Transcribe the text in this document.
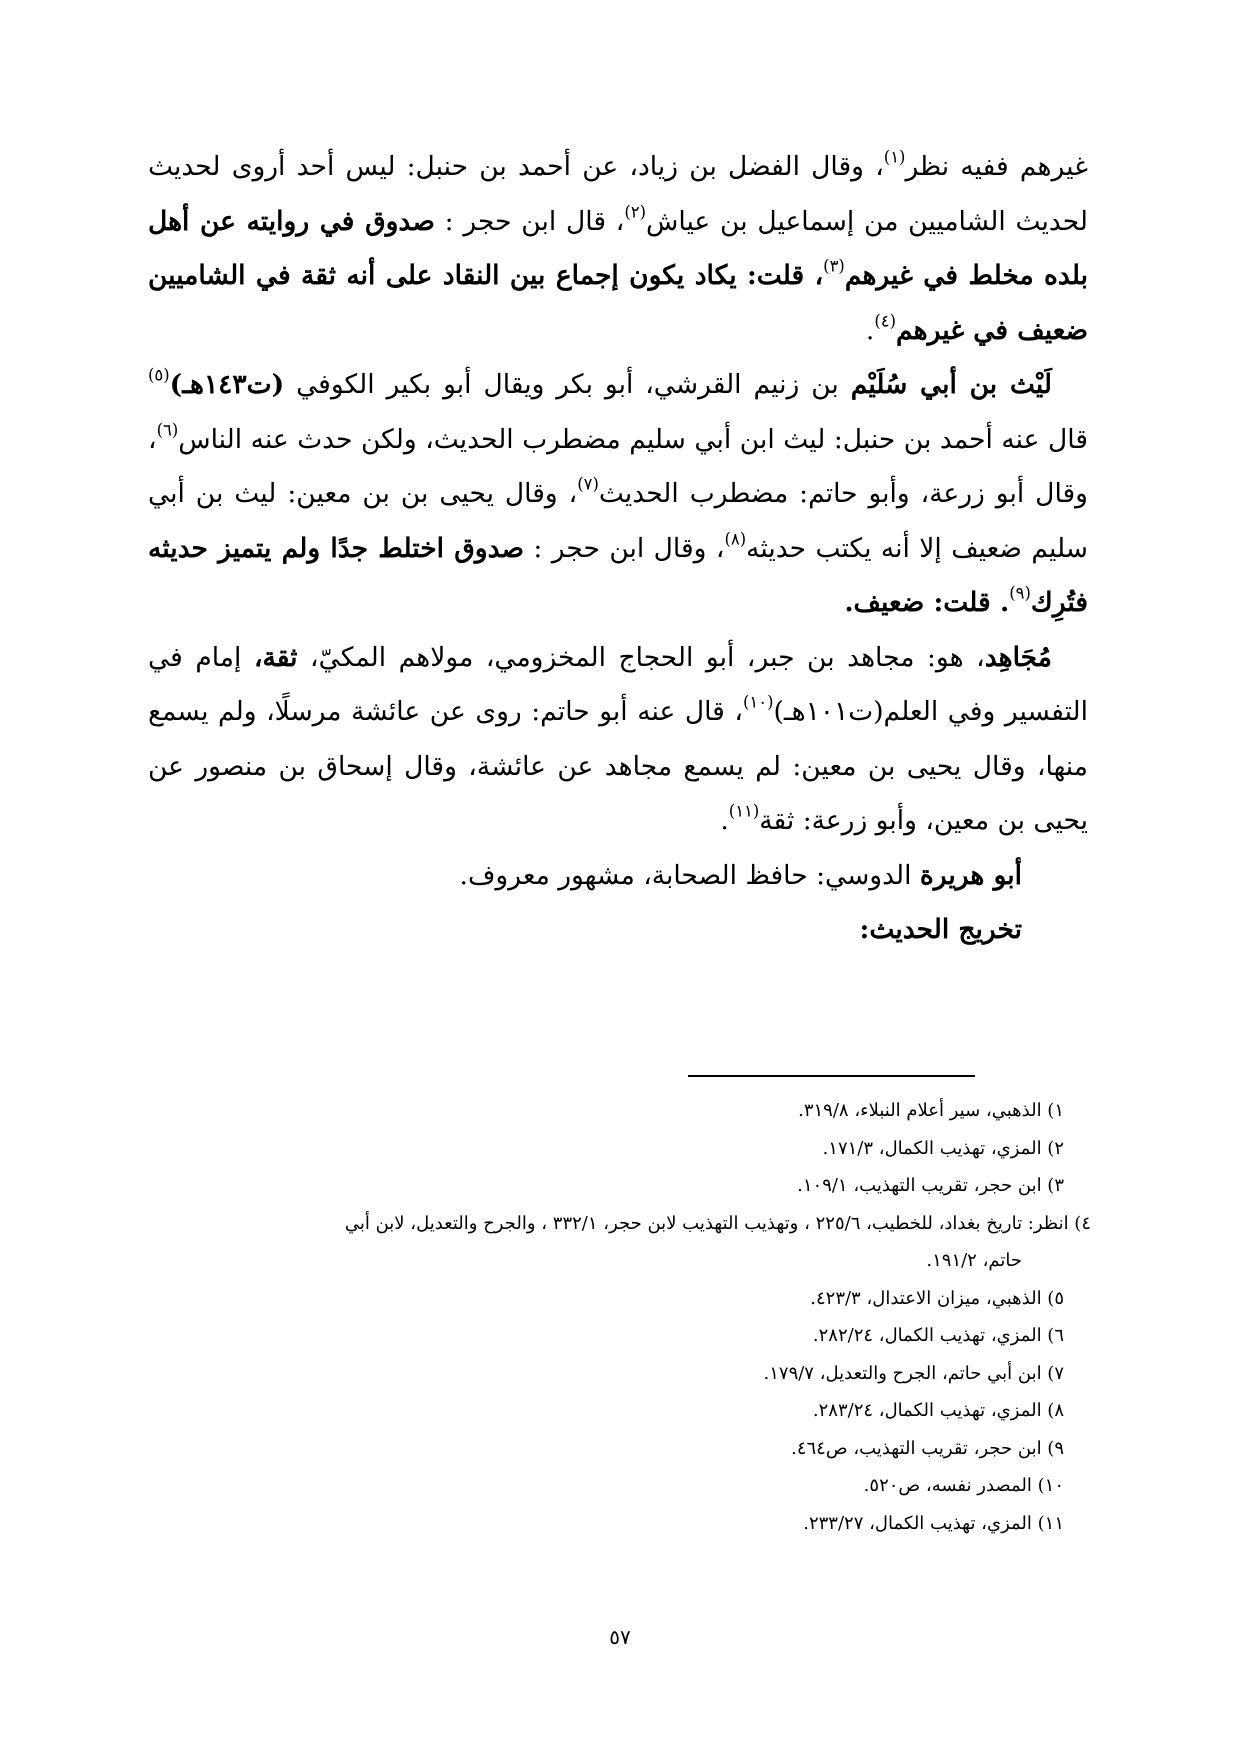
غيرهم ففيه نظر$^{(١)}$، وقال الفضل بن زياد، عن أحمد بن حنبل: ليس أحد أروى لحديث لحديث الشاميين من إسماعيل بن عياش$^{(٢)}$، قال ابن حجر : صدوق في روايته عن أهل بلده مخلط في غيرهم$^{(٣)}$، قلت: يكاد يكون إجماع بين النقاد على أنه ثقة في الشاميين ضعيف في غيرهم$^{(٤)}$.

لَيْث بن أبي سُلَيْم بن زنيم القرشي، أبو بكر ويقال أبو بكير الكوفي (ت١٤٣هـ)$^{(٥)}$ قال عنه أحمد بن حنبل: ليث ابن أبي سليم مضطرب الحديث، ولكن حدث عنه الناس$^{(٦)}$، وقال أبو زرعة، وأبو حاتم: مضطرب الحديث$^{(٧)}$، وقال يحيى بن بن معين: ليث بن أبي سليم ضعيف إلا أنه يكتب حديثه$^{(٨)}$، وقال ابن حجر : صدوق اختلط جدًا ولم يتميز حديثه فتُرِك$^{(٩)}$. قلت: ضعيف.

مُجَاهِد، هو: مجاهد بن جبر، أبو الحجاج المخزومي، مولاهم المكيّ، ثقة، إمام في التفسير وفي العلم(ت١٠١هـ)$^{(١٠)}$، قال عنه أبو حاتم: روى عن عائشة مرسلًا، ولم يسمع منها، وقال يحيى بن معين: لم يسمع مجاهد عن عائشة، وقال إسحاق بن منصور عن يحيى بن معين، وأبو زرعة: ثقة$^{(١١)}$.

أبو هريرة الدوسي: حافظ الصحابة، مشهور معروف.

تخريج الحديث:

١) الذهبي، سير أعلام النبلاء، ٣١٩/٨.
٢) المزي، تهذيب الكمال، ١٧١/٣.
٣) ابن حجر، تقريب التهذيب، ١٠٩/١.
٤) انظر: تاريخ بغداد، للخطيب، ٢٢٥/٦ ، وتهذيب التهذيب لابن حجر، ٣٣٢/١ ، والجرح والتعديل، لابن أبي
حاتم، ١٩١/٢.
٥) الذهبي، ميزان الاعتدال، ٤٢٣/٣.
٦) المزي، تهذيب الكمال، ٢٨٢/٢٤.
٧) ابن أبي حاتم، الجرح والتعديل، ١٧٩/٧.
٨) المزي، تهذيب الكمال، ٢٨٣/٢٤.
٩) ابن حجر، تقريب التهذيب، ص٤٦٤.
١٠) المصدر نفسه، ص٥٢٠.
١١) المزي، تهذيب الكمال، ٢٣٣/٢٧.
٥٧
